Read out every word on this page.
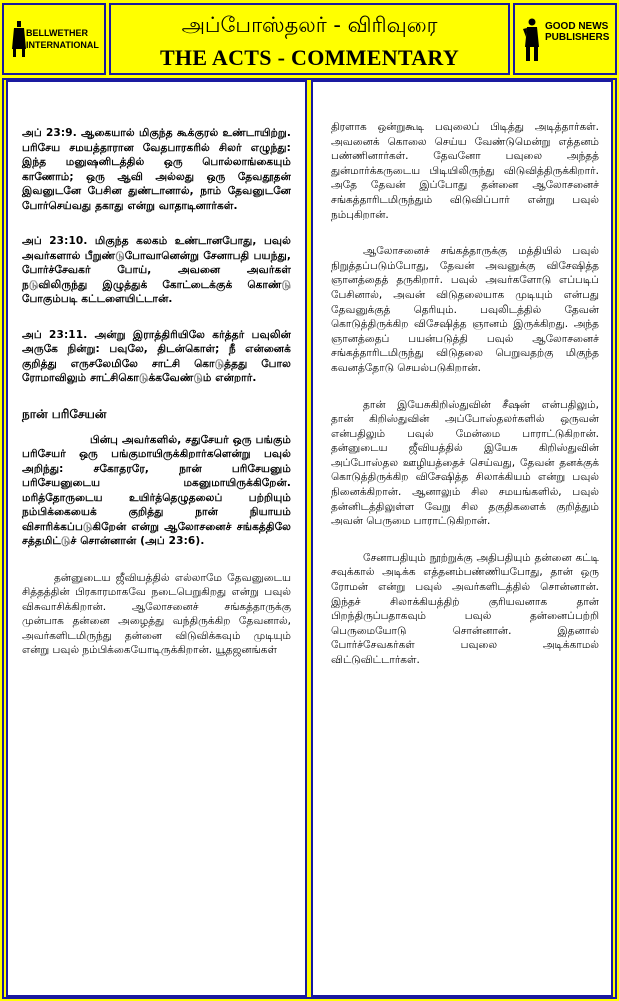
BELLWETHER
INTERNATIONAL
அப்போஸ்தலர் - விரிவுரை
THE ACTS - COMMENTARY
GOOD NEWS
PUBLISHERS

அப் 23:9. ஆகையால் மிகுந்த கூக்குரல் உண்டாயிற்று. பரிசேய சமயத்தாரான வேதபாரகரில் சிலர் எழுந்து: இந்த மனுஷனிடத்தில் ஒரு பொல்லாங்கையும் காணோம்; ஒரு ஆவி அல்லது ஒரு தேவதூதன் இவனுடனே பேசின துண்டானால், நாம் தேவனுடனே போர்செய்வது தகாது என்று வாதாடினார்கள்.

அப் 23:10. மிகுந்த கலகம் உண்டானபோது, பவுல் அவர்களால் பீறுண்டுபோவானென்று சேனாபதி பயந்து, போர்ச்சேவகர் போய், அவனை அவர்கள் நடுவிலிருந்து இழுத்துக் கோட்டைக்குக் கொண்டு போகும்படி கட்டளையிட்டான்.

அப் 23:11. அன்று இராத்திரியிலே கர்த்தர் பவுலின் அருகே நின்று: பவுலே, திடன்கொள்; நீ என்னைக் குறித்து எருசலேமிலே சாட்சி கொடுத்தது போல ரோமாவிலும் சாட்சிகொடுக்கவேண்டும் என்றார்.

நான் பரிசேயன்

பின்பு அவர்களில், சதுசேயர் ஒரு பங்கும் பரிசேயர் ஒரு பங்குமாயிருக்கிறார்களென்று பவுல் அறிந்து: சகோதரரே, நான் பரிசேயனும் பரிசேயனுடைய மகனுமாயிருக்கிறேன். மரித்தோருடைய உயிர்த்தெழுதலைப் பற்றியும் நம்பிக்கையைக் குறித்து நான் நியாயம் விசாரிக்கப்படுகிறேன் என்று ஆலோசனைச் சங்கத்திலே சத்தமிட்டுச் சொன்னான் (அப் 23:6).

தன்னுடைய ஜீவியத்தில் எல்லாமே தேவனுடைய சித்தத்தின் பிரகாரமாகவே நடைபெறுகிறது என்று பவுல் விசுவாசிக்கிறான். ஆலோசனைச் சங்கத்தாருக்கு முன்பாக தன்னை அழைத்து வந்திருக்கிற தேவனால், அவர்களிடமிருந்து தன்னை விடுவிக்கவும் முடியும் என்று பவுல் நம்பிக்கையோடிருக்கிறான். யூதஜனங்கள்

திரளாக ஒன்றுகூடி பவுலைப் பிடித்து அடித்தார்கள். அவனைக் கொலை செய்ய வேண்டுமென்று எத்தனம் பண்ணினார்கள். தேவனோ பவுலை அந்தத் துன்மார்க்கருடைய பிடியிலிருந்து விடுவித்திருக்கிறார். அதே தேவன் இப்போது தன்னை ஆலோசனைச் சங்கத்தாரிடமிருந்தும் விடுவிப்பார் என்று பவுல் நம்புகிறான்.

ஆலோசனைச் சங்கத்தாருக்கு மத்தியில் பவுல் நிறுத்தப்படும்போது, தேவன் அவனுக்கு விசேஷித்த ஞானத்தைத் தருகிறார். பவுல் அவர்களோடு எப்படிப் பேசினால், அவன் விடுதலையாக முடியும் என்பது தேவனுக்குத் தெரியும். பவுலிடத்தில் தேவன் கொடுத்திருக்கிற விசேஷித்த ஞானம் இருக்கிறது. அந்த ஞானத்தைப் பயன்படுத்தி பவுல் ஆலோசனைச் சங்கத்தாரிடமிருந்து விடுதலை பெறுவதற்கு மிகுந்த கவனத்தோடு செயல்படுகிறான்.

தான் இயேசுகிறிஸ்துவின் சீஷன் என்பதிலும், தான் கிறிஸ்துவின் அப்போஸ்தலர்களில் ஒருவன் என்பதிலும் பவுல் மேன்மை பாராட்டுகிறான். தன்னுடைய ஜீவியத்தில் இயேசு கிறிஸ்துவின் அப்போஸ்தல ஊழியத்தைச் செய்வது, தேவன் தனக்குக் கொடுத்திருக்கிற விசேஷித்த சிலாக்கியம் என்று பவுல் நினைக்கிறான். ஆனாலும் சில சமயங்களில், பவுல் தன்னிடத்திலுள்ள வேறு சில தகுதிகளைக் குறித்தும் அவன் பெருமை பாராட்டுகிறான்.

சேனாபதியும் நூற்றுக்கு அதிபதியும் தன்னை கட்டி சவுக்கால் அடிக்க எத்தனம்பண்ணியபோது, தான் ஒரு ரோமன் என்று பவுல் அவர்களிடத்தில் சொன்னான். இந்தச் சிலாக்கியத்திற் குரியவனாக தான் பிறந்திருப்பதாகவும் பவுல் தன்னைப்பற்றி பெருமையோடு சொன்னான். இதனால் போர்ச்சேவகர்கள் பவுலை அடிக்காமல் விட்டுவிட்டார்கள்.
